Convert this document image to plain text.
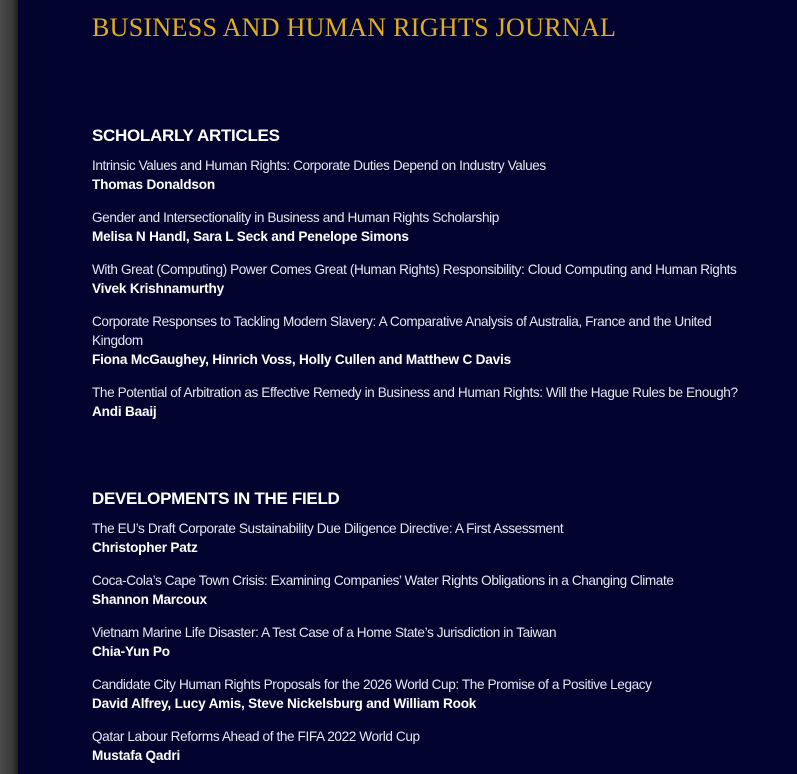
BUSINESS AND HUMAN RIGHTS JOURNAL
SCHOLARLY ARTICLES
Intrinsic Values and Human Rights: Corporate Duties Depend on Industry Values
Thomas Donaldson
Gender and Intersectionality in Business and Human Rights Scholarship
Melisa N Handl, Sara L Seck and Penelope Simons
With Great (Computing) Power Comes Great (Human Rights) Responsibility: Cloud Computing and Human Rights
Vivek Krishnamurthy
Corporate Responses to Tackling Modern Slavery: A Comparative Analysis of Australia, France and the United Kingdom
Fiona McGaughey, Hinrich Voss, Holly Cullen and Matthew C Davis
The Potential of Arbitration as Effective Remedy in Business and Human Rights: Will the Hague Rules be Enough?
Andi Baaij
DEVELOPMENTS IN THE FIELD
The EU’s Draft Corporate Sustainability Due Diligence Directive: A First Assessment
Christopher Patz
Coca-Cola’s Cape Town Crisis: Examining Companies’ Water Rights Obligations in a Changing Climate
Shannon Marcoux
Vietnam Marine Life Disaster: A Test Case of a Home State’s Jurisdiction in Taiwan
Chia-Yun Po
Candidate City Human Rights Proposals for the 2026 World Cup: The Promise of a Positive Legacy
David Alfrey, Lucy Amis, Steve Nickelsburg and William Rook
Qatar Labour Reforms Ahead of the FIFA 2022 World Cup
Mustafa Qadri
